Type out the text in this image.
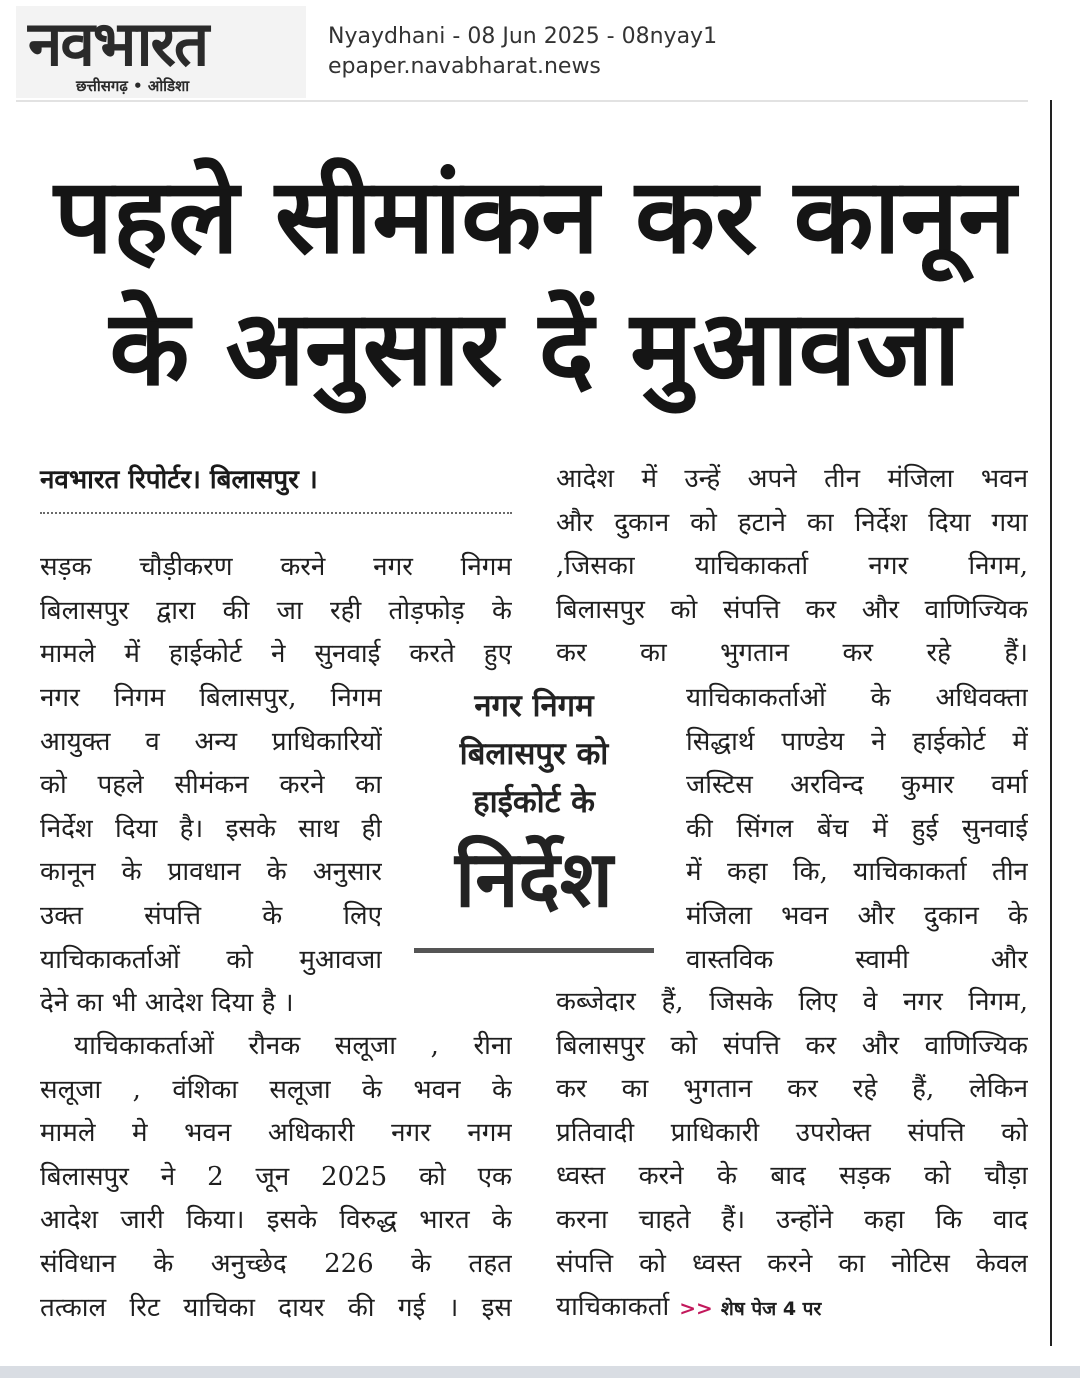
नवभारत
छत्तीसगढ़ • ओडिशा
Nyaydhani - 08 Jun 2025 - 08nyay1
epaper.navabharat.news
पहले सीमांकन कर कानून
के अनुसार दें मुआवजा
नवभारत रिपोर्टर। बिलासपुर ।
सड़क चौड़ीकरण करने नगर निगम
बिलासपुर द्वारा की जा रही तोड़फोड़ के
मामले में हाईकोर्ट ने सुनवाई करते हुए
नगर निगम बिलासपुर, निगम
आयुक्त व अन्य प्राधिकारियों
को पहले सीमंकन करने का
निर्देश दिया है। इसके साथ ही
कानून के प्रावधान के अनुसार
उक्त संपत्ति के लिए
याचिकाकर्ताओं को मुआवजा
देने का भी आदेश दिया है ।
याचिकाकर्ताओं रौनक सलूजा , रीना
सलूजा , वंशिका सलूजा के भवन के
मामले मे भवन अधिकारी नगर नगम
बिलासपुर ने 2 जून 2025 को एक
आदेश जारी किया। इसके विरुद्ध भारत के
संविधान के अनुच्छेद 226 के तहत
तत्काल रिट याचिका दायर की गई । इस
नगर निगम
बिलासपुर को
हाईकोर्ट के
निर्देश
आदेश में उन्हें अपने तीन मंजिला भवन
और दुकान को हटाने का निर्देश दिया गया
,जिसका याचिकाकर्ता नगर निगम,
बिलासपुर को संपत्ति कर और वाणिज्यिक
कर का भुगतान कर रहे हैं।
याचिकाकर्ताओं के अधिवक्ता
सिद्धार्थ पाण्डेय ने हाईकोर्ट में
जस्टिस अरविन्द कुमार वर्मा
की सिंगल बेंच में हुई सुनवाई
में कहा कि, याचिकाकर्ता तीन
मंजिला भवन और दुकान के
वास्तविक स्वामी और
कब्जेदार हैं, जिसके लिए वे नगर निगम,
बिलासपुर को संपत्ति कर और वाणिज्यिक
कर का भुगतान कर रहे हैं, लेकिन
प्रतिवादी प्राधिकारी उपरोक्त संपत्ति को
ध्वस्त करने के बाद सड़क को चौड़ा
करना चाहते हैं। उन्होंने कहा कि वाद
संपत्ति को ध्वस्त करने का नोटिस केवल
याचिकाकर्ता >> शेष पेज 4 पर
